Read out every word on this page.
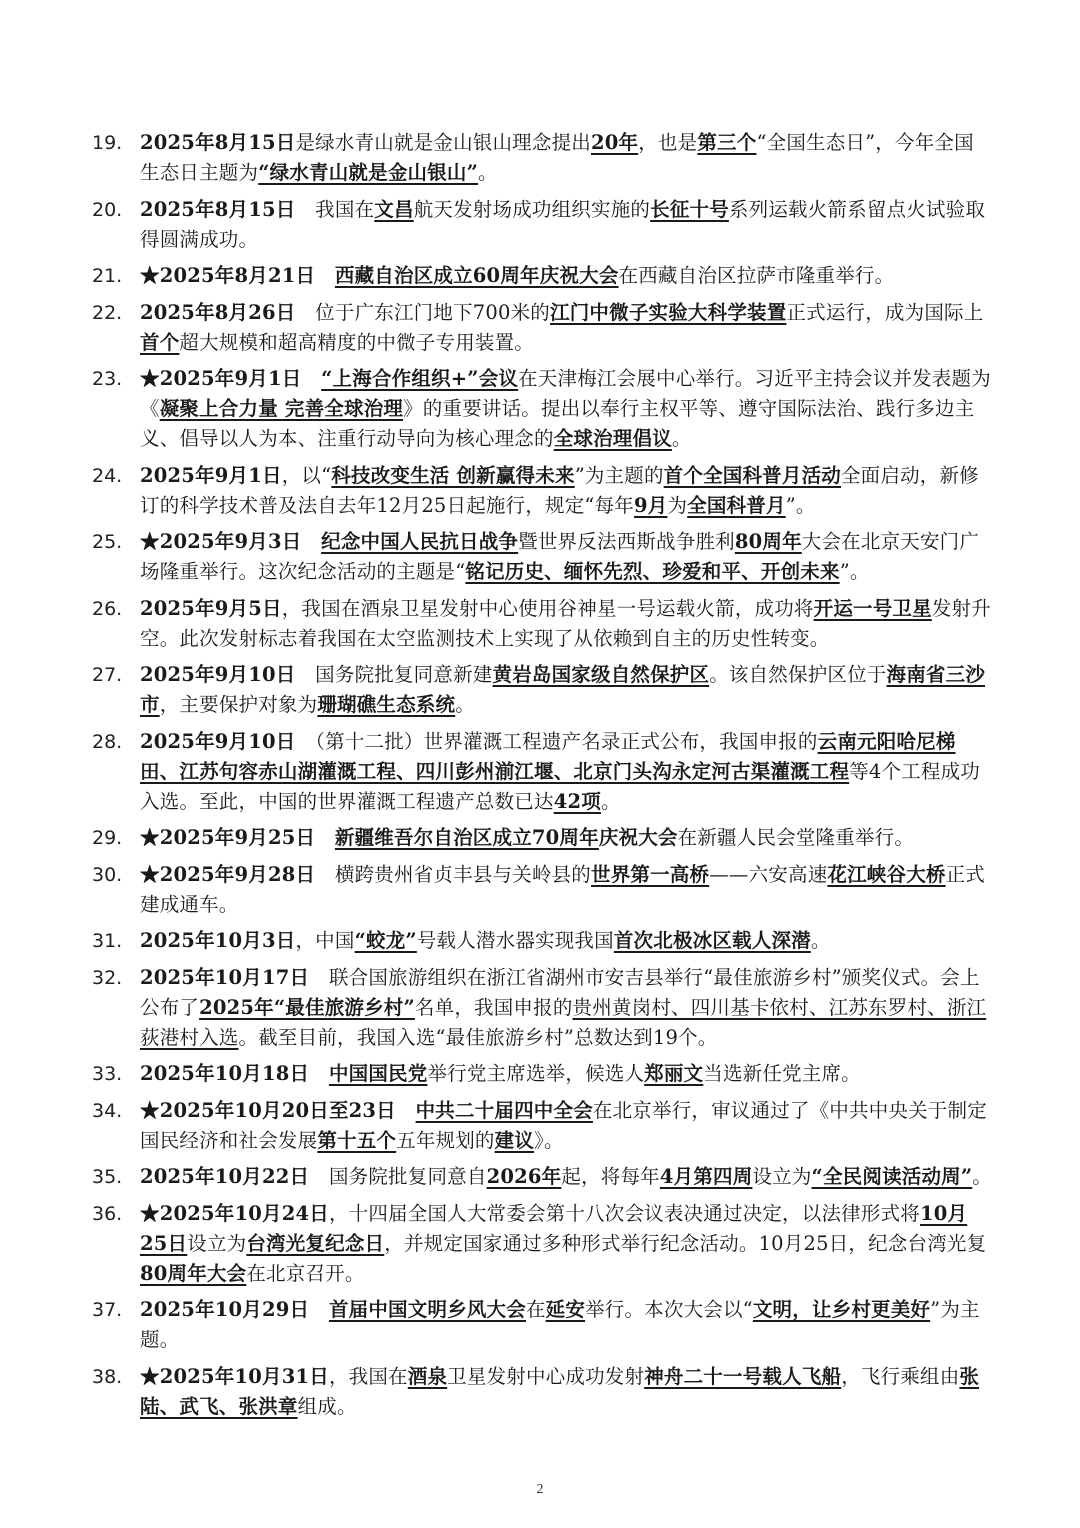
19. 2025年8月15日是绿水青山就是金山银山理念提出20年，也是第三个“全国生态日”，今年全国生态日主题为“绿水青山就是金山银山”。
20. 2025年8月15日　我国在文昌航天发射场成功组织实施的长征十号系列运载火箭系留点火试验取得圆满成功。
21. ★2025年8月21日　 西藏自治区成立60周年庆祝大会在西藏自治区拉萨市隆重举行。
22. 2025年8月26日　位于广东江门地下700米的江门中微子实验大科学装置正式运行，成为国际上首个超大规模和超高精度的中微子专用装置。
23. ★2025年9月1日　 “上海合作组织+”会议在天津梅江会展中心举行。习近平主持会议并发表题为《凝聚上合力量 完善全球治理》的重要讲话。提出以奉行主权平等、遵守国际法治、践行多边主义、倡导以人为本、注重行动导向为核心理念的全球治理倡议。
24. 2025年9月1日，以“科技改变生活 创新赢得未来”为主题的首个全国科普月活动全面启动，新修订的科学技术普及法自去年12月25日起施行，规定“每年9月为全国科普月”。
25. ★2025年9月3日　 纪念中国人民抗日战争暨世界反法西斯战争胜利80周年大会在北京天安门广场隆重举行。这次纪念活动的主题是“铭记历史、缅怀先烈、珍爱和平、开创未来”。
26. 2025年9月5日，我国在酒泉卫星发射中心使用谷神星一号运载火箭，成功将开运一号卫星发射升空。此次发射标志着我国在太空监测技术上实现了从依赖到自主的历史性转变。
27. 2025年9月10日　国务院批复同意新建黄岩岛国家级自然保护区。该自然保护区位于海南省三沙市，主要保护对象为珊瑚礁生态系统。
28. 2025年9月10日　（第十二批）世界灌溉工程遗产名录正式公布，我国申报的云南元阳哈尼梯田、江苏句容赤山湖灌溉工程、四川彭州湔江堰、北京门头沟永定河古渠灌溉工程等4个工程成功入选。至此，中国的世界灌溉工程遗产总数已达42项。
29. ★2025年9月25日　 新疆维吾尔自治区成立70周年庆祝大会在新疆人民会堂隆重举行。
30. ★2025年9月28日　横跨贵州省贞丰县与关岭县的世界第一高桥——六安高速花江峡谷大桥正式建成通车。
31. 2025年10月3日，中国“蛟龙”号载人潜水器实现我国首次北极冰区载人深潜。
32. 2025年10月17日　联合国旅游组织在浙江省湖州市安吉县举行“最佳旅游乡村”颁奖仪式。会上公布了2025年“最佳旅游乡村”名单，我国申报的贵州黄岗村、四川基卡依村、江苏东罗村、浙江荻港村入选。截至目前，我国入选“最佳旅游乡村”总数达到19个。
33. 2025年10月18日　 中国国民党举行党主席选举，候选人郑丽文当选新任党主席。
34. ★2025年10月20日至23日　 中共二十届四中全会在北京举行，审议通过了《中共中央关于制定国民经济和社会发展第十五个五年规划的建议》。
35. 2025年10月22日　国务院批复同意自2026年起，将每年4月第四周设立为“全民阅读活动周”。
36. ★2025年10月24日，十四届全国人大常委会第十八次会议表决通过决定，以法律形式将10月25日设立为台湾光复纪念日，并规定国家通过多种形式举行纪念活动。10月25日，纪念台湾光复80周年大会在北京召开。
37. 2025年10月29日　 首届中国文明乡风大会在延安举行。本次大会以“文明，让乡村更美好”为主题。
38. ★2025年10月31日，我国在酒泉卫星发射中心成功发射神舟二十一号载人飞船，飞行乘组由张陆、武飞、张洪章组成。
2
